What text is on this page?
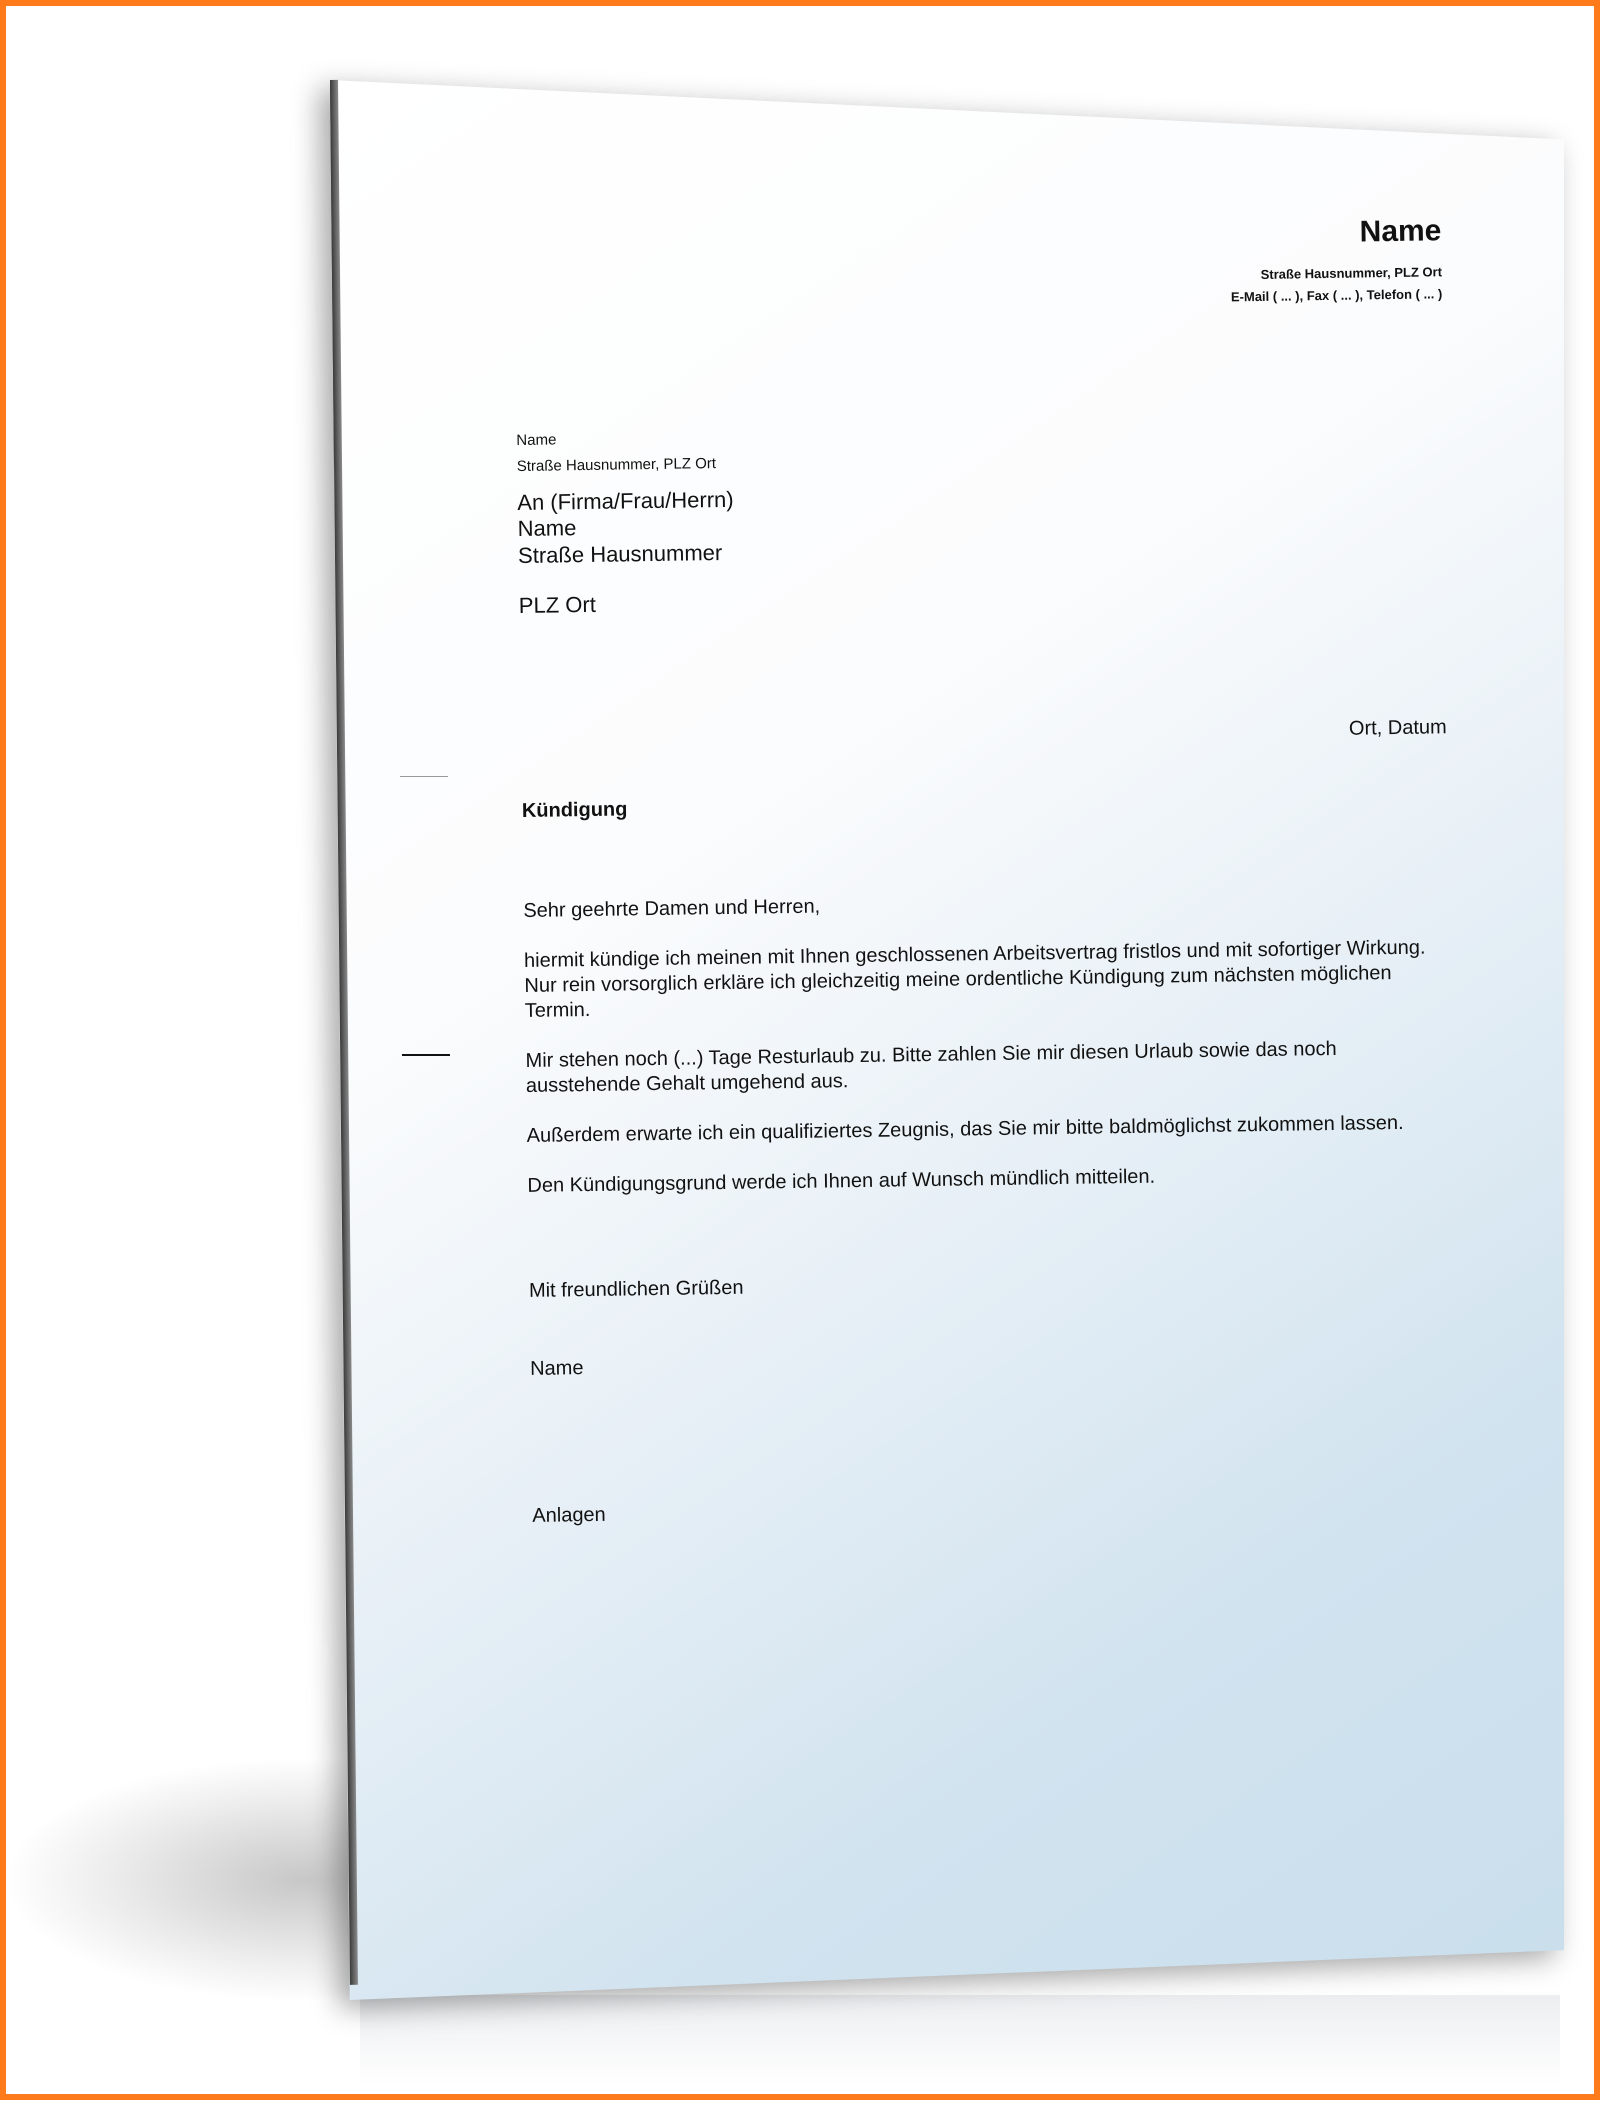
Name
Straße Hausnummer, PLZ Ort
E-Mail ( ... ), Fax ( ... ), Telefon ( ... )
Name
Straße Hausnummer, PLZ Ort
An (Firma/Frau/Herrn)
Name
Straße Hausnummer
PLZ Ort
Ort, Datum
Kündigung
Sehr geehrte Damen und Herren,
hiermit kündige ich meinen mit Ihnen geschlossenen Arbeitsvertrag fristlos und mit sofortiger Wirkung.
Nur rein vorsorglich erkläre ich gleichzeitig meine ordentliche Kündigung zum nächsten möglichen
Termin.
Mir stehen noch (...) Tage Resturlaub zu. Bitte zahlen Sie mir diesen Urlaub sowie das noch
ausstehende Gehalt umgehend aus.
Außerdem erwarte ich ein qualifiziertes Zeugnis, das Sie mir bitte baldmöglichst zukommen lassen.
Den Kündigungsgrund werde ich Ihnen auf Wunsch mündlich mitteilen.
Mit freundlichen Grüßen
Name
Anlagen
